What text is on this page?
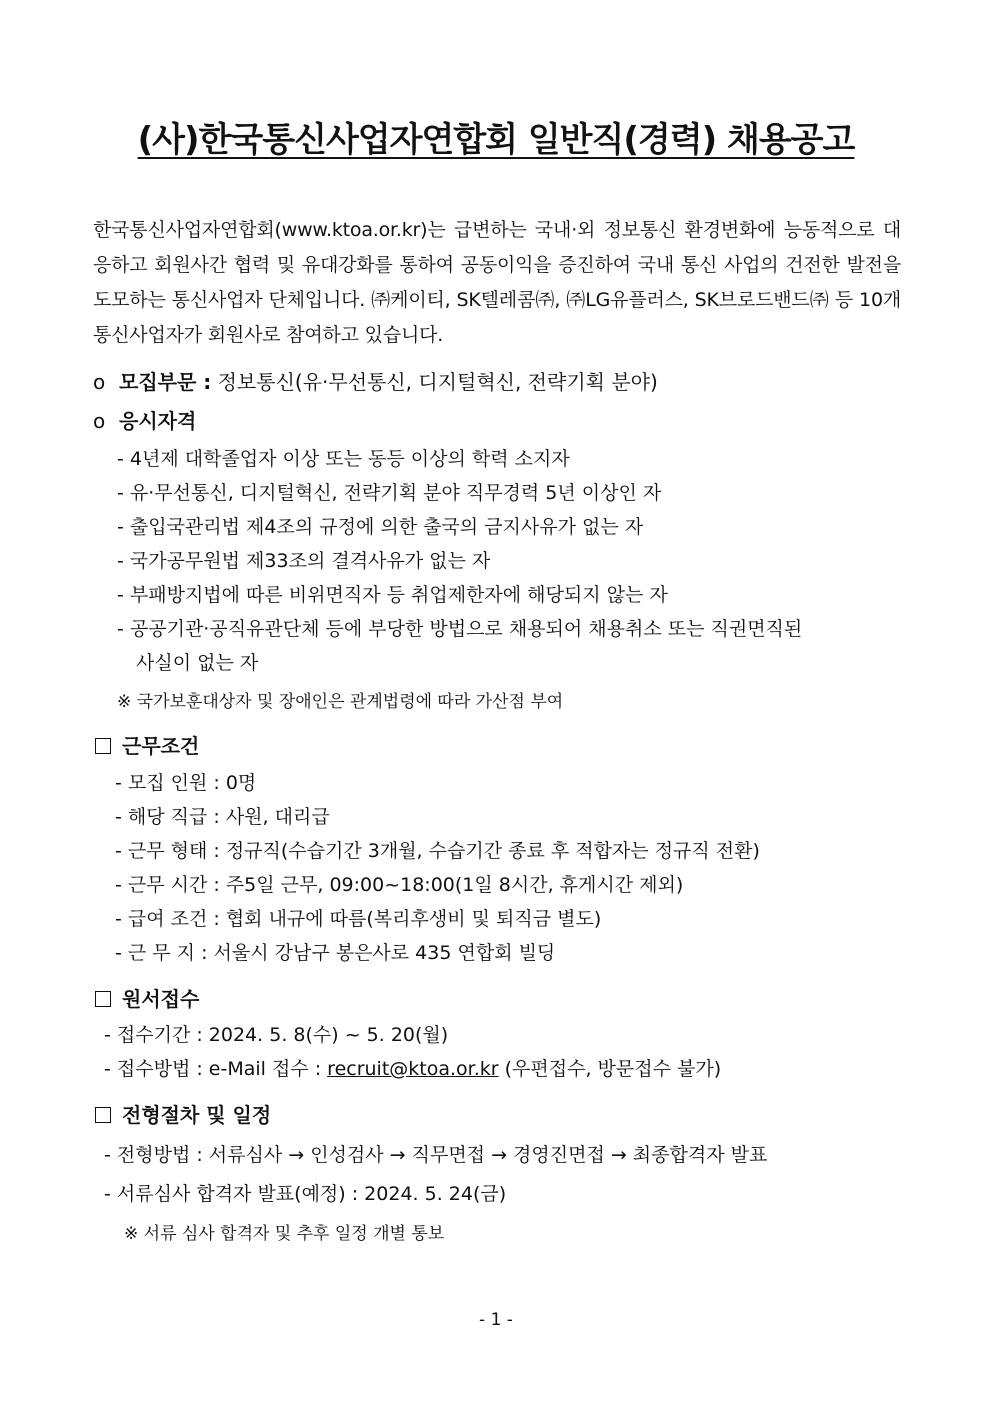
(사)한국통신사업자연합회 일반직(경력) 채용공고
한국통신사업자연합회(www.ktoa.or.kr)는 급변하는 국내·외 정보통신 환경변화에 능동적으로 대응하고 회원사간 협력 및 유대강화를 통하여 공동이익을 증진하여 국내 통신 사업의 건전한 발전을 도모하는 통신사업자 단체입니다. ㈜케이티, SK텔레콤㈜, ㈜LG유플러스, SK브로드밴드㈜ 등 10개 통신사업자가 회원사로 참여하고 있습니다.
o 모집부문 : 정보통신(유·무선통신, 디지털혁신, 전략기획 분야)
o 응시자격
- 4년제 대학졸업자 이상 또는 동등 이상의 학력 소지자
- 유·무선통신, 디지털혁신, 전략기획 분야 직무경력 5년 이상인 자
- 출입국관리법 제4조의 규정에 의한 출국의 금지사유가 없는 자
- 국가공무원법 제33조의 결격사유가 없는 자
- 부패방지법에 따른 비위면직자 등 취업제한자에 해당되지 않는 자
- 공공기관·공직유관단체 등에 부당한 방법으로 채용되어 채용취소 또는 직권면직된
사실이 없는 자
※ 국가보훈대상자 및 장애인은 관계법령에 따라 가산점 부여
근무조건
- 모집 인원 : 0명
- 해당 직급 : 사원, 대리급
- 근무 형태 : 정규직(수습기간 3개월, 수습기간 종료 후 적합자는 정규직 전환)
- 근무 시간 : 주5일 근무, 09:00~18:00(1일 8시간, 휴게시간 제외)
- 급여 조건 : 협회 내규에 따름(복리후생비 및 퇴직금 별도)
- 근 무 지 : 서울시 강남구 봉은사로 435 연합회 빌딩
원서접수
- 접수기간 : 2024. 5. 8(수) ~ 5. 20(월)
- 접수방법 : e-Mail 접수 : recruit@ktoa.or.kr (우편접수, 방문접수 불가)
전형절차 및 일정
- 전형방법 : 서류심사 → 인성검사 → 직무면접 → 경영진면접 → 최종합격자 발표
- 서류심사 합격자 발표(예정) : 2024. 5. 24(금)
※ 서류 심사 합격자 및 추후 일정 개별 통보
- 1 -
